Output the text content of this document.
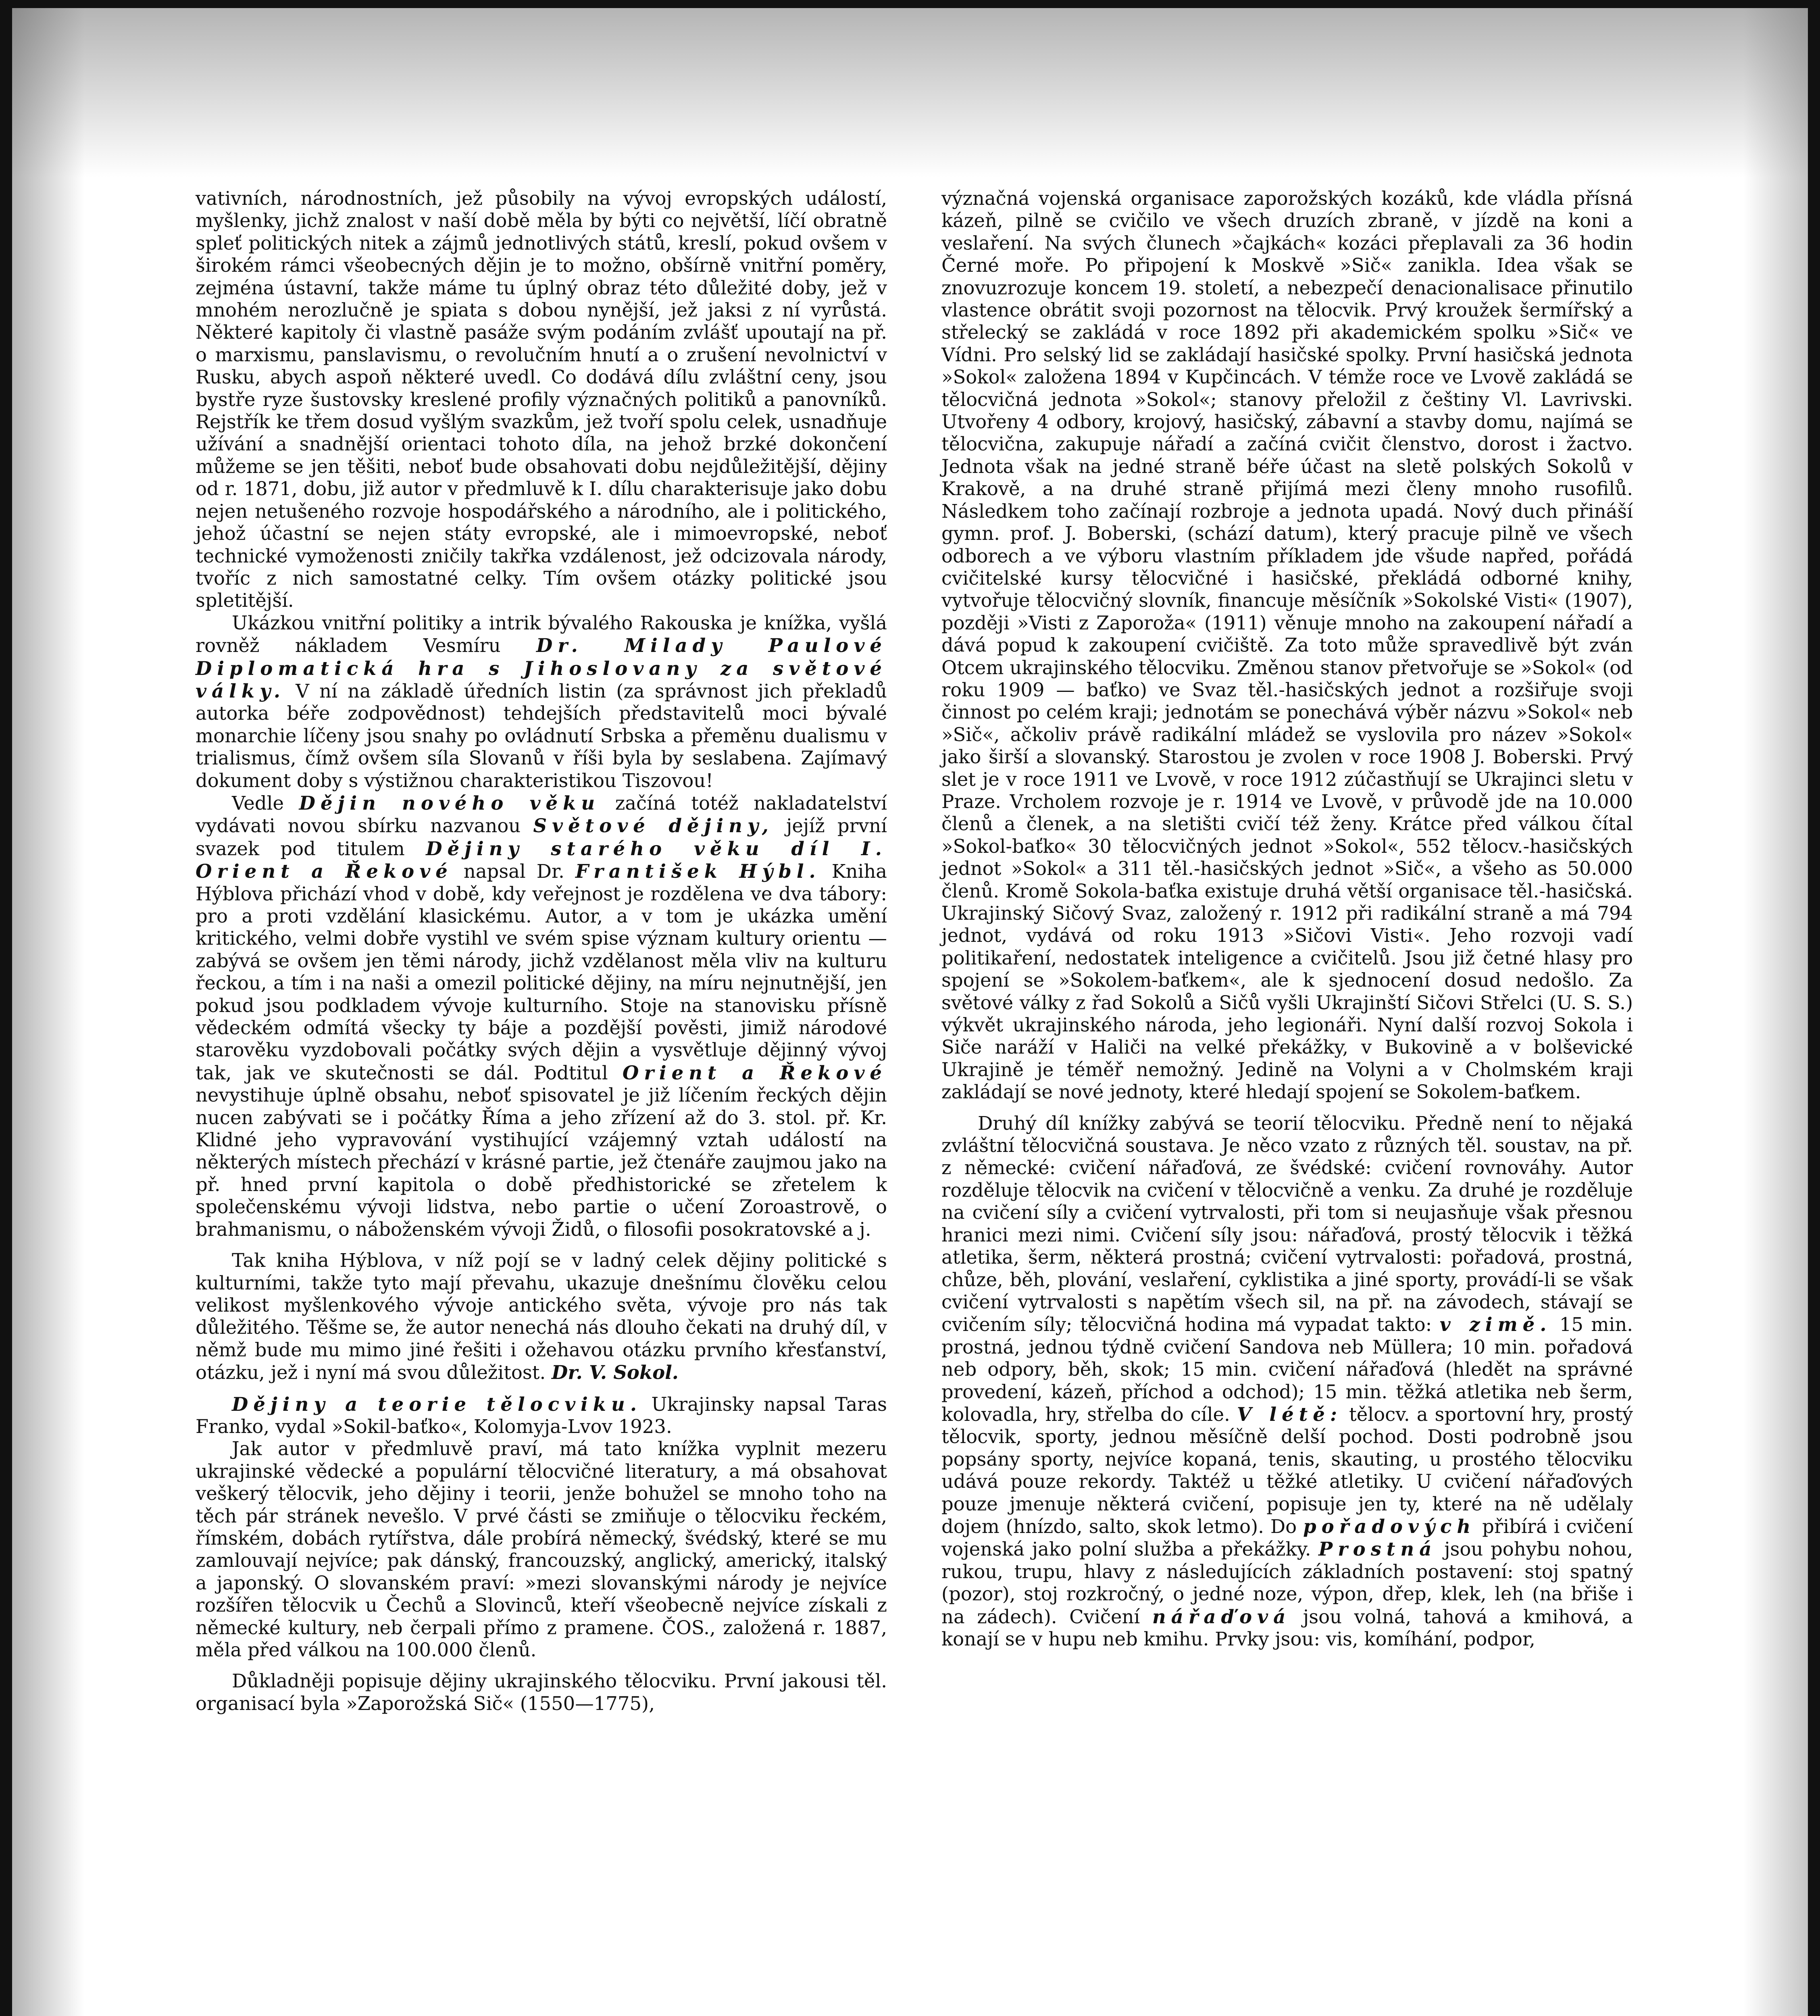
vativních, národnostních, jež působily na vývoj evropských událostí, myšlenky, jichž znalost v naší době měla by býti co největší, líčí obratně spleť politických nitek a zájmů jednotlivých států, kreslí, pokud ovšem v širokém rámci všeobecných dějin je to možno, obšírně vnitřní poměry, zejména ústavní, takže máme tu úplný obraz této důležité doby, jež v mnohém nerozlučně je spiata s dobou nynější, jež jaksi z ní vyrůstá. Některé kapitoly či vlastně pasáže svým podáním zvlášť upoutají na př. o marxismu, panslavismu, o revolučním hnutí a o zrušení nevolnictví v Rusku, abych aspoň některé uvedl. Co dodává dílu zvláštní ceny, jsou bystře ryze šustovsky kreslené profily význačných politiků a panovníků. Rejstřík ke třem dosud vyšlým svazkům, jež tvoří spolu celek, usnadňuje užívání a snadnější orientaci tohoto díla, na jehož brzké dokončení můžeme se jen těšiti, neboť bude obsahovati dobu nejdůležitější, dějiny od r. 1871, dobu, již autor v předmluvě k I. dílu charakterisuje jako dobu nejen netušeného rozvoje hospodářského a národního, ale i politického, jehož účastní se nejen státy evropské, ale i mimoevropské, neboť technické vymoženosti zničily takřka vzdálenost, jež odcizovala národy, tvoříc z nich samostatné celky. Tím ovšem otázky politické jsou spletitější.

Ukázkou vnitřní politiky a intrik bývalého Rakouska je knížka, vyšlá rovněž nákladem Vesmíru Dr. Milady Paulové Diplomatická hra s Jihoslovany za světové války. V ní na základě úředních listin (za správnost jich překladů autorka béře zodpovědnost) tehdejších představitelů moci bývalé monarchie líčeny jsou snahy po ovládnutí Srbska a přeměnu dualismu v trialismus, čímž ovšem síla Slovanů v říši byla by seslabena. Zajímavý dokument doby s výstižnou charakteristikou Tiszovou!

Vedle Dějin nového věku začíná totéž nakladatelství vydávati novou sbírku nazvanou Světové dějiny, jejíž první svazek pod titulem Dějiny starého věku díl I. Orient a Řekové napsal Dr. František Hýbl. Kniha Hýblova přichází vhod v době, kdy veřejnost je rozdělena ve dva tábory: pro a proti vzdělání klasickému. Autor, a v tom je ukázka umění kritického, velmi dobře vystihl ve svém spise význam kultury orientu — zabývá se ovšem jen těmi národy, jichž vzdělanost měla vliv na kulturu řeckou, a tím i na naši a omezil politické dějiny, na míru nejnutnější, jen pokud jsou podkladem vývoje kulturního. Stoje na stanovisku přísně vědeckém odmítá všecky ty báje a pozdější pověsti, jimiž národové starověku vyzdobovali počátky svých dějin a vysvětluje dějinný vývoj tak, jak ve skutečnosti se dál. Podtitul Orient a Řekové nevystihuje úplně obsahu, neboť spisovatel je již líčením řeckých dějin nucen zabývati se i počátky Říma a jeho zřízení až do 3. stol. př. Kr. Klidné jeho vypravování vystihující vzájemný vztah událostí na některých místech přechází v krásné partie, jež čtenáře zaujmou jako na př. hned první kapitola o době předhistorické se zřetelem k společenskému vývoji lidstva, nebo partie o učení Zoroastrově, o brahmanismu, o náboženském vývoji Židů, o filosofii posokratovské a j.

Tak kniha Hýblova, v níž pojí se v ladný celek dějiny politické s kulturními, takže tyto mají převahu, ukazuje dnešnímu člověku celou velikost myšlenkového vývoje antického světa, vývoje pro nás tak důležitého. Těšme se, že autor nenechá nás dlouho čekati na druhý díl, v němž bude mu mimo jiné řešiti i ožehavou otázku prvního křesťanství, otázku, jež i nyní má svou důležitost. Dr. V. Sokol.

Dějiny a teorie tělocviku. Ukrajinsky napsal Taras Franko, vydal »Sokil-baťko«, Kolomyja-Lvov 1923.

Jak autor v předmluvě praví, má tato knížka vyplnit mezeru ukrajinské vědecké a populární tělocvičné literatury, a má obsahovat veškerý tělocvik, jeho dějiny i teorii, jenže bohužel se mnoho toho na těch pár stránek nevešlo. V prvé části se zmiňuje o tělocviku řeckém, římském, dobách rytířstva, dále probírá německý, švédský, které se mu zamlouvají nejvíce; pak dánský, francouzský, anglický, americký, italský a japonský. O slovanském praví: »mezi slovanskými národy je nejvíce rozšířen tělocvik u Čechů a Slovinců, kteří všeobecně nejvíce získali z německé kultury, neb čerpali přímo z pramene. ČOS., založená r. 1887, měla před válkou na 100.000 členů.

Důkladněji popisuje dějiny ukrajinského tělocviku. První jakousi těl. organisací byla »Zaporožská Sič« (1550—1775),

význačná vojenská organisace zaporožských kozáků, kde vládla přísná kázeň, pilně se cvičilo ve všech druzích zbraně, v jízdě na koni a veslaření. Na svých člunech »čajkách« kozáci přeplavali za 36 hodin Černé moře. Po připojení k Moskvě »Sič« zanikla. Idea však se znovuzrozuje koncem 19. století, a nebezpečí denacionalisace přinutilo vlastence obrátit svoji pozornost na tělocvik. Prvý kroužek šermířský a střelecký se zakládá v roce 1892 při akademickém spolku »Sič« ve Vídni. Pro selský lid se zakládají hasičské spolky. První hasičská jednota »Sokol« založena 1894 v Kupčincách. V témže roce ve Lvově zakládá se tělocvičná jednota »Sokol«; stanovy přeložil z češtiny Vl. Lavrivski. Utvořeny 4 odbory, krojový, hasičský, zábavní a stavby domu, najímá se tělocvična, zakupuje nářadí a začíná cvičit členstvo, dorost i žactvo. Jednota však na jedné straně béře účast na sletě polských Sokolů v Krakově, a na druhé straně přijímá mezi členy mnoho rusofilů. Následkem toho začínají rozbroje a jednota upadá. Nový duch přináší gymn. prof. J. Boberski, (schází datum), který pracuje pilně ve všech odborech a ve výboru vlastním příkladem jde všude napřed, pořádá cvičitelské kursy tělocvičné i hasičské, překládá odborné knihy, vytvořuje tělocvičný slovník, financuje měsíčník »Sokolské Visti« (1907), později »Visti z Zaporoža« (1911) věnuje mnoho na zakoupení nářadí a dává popud k zakoupení cvičiště. Za toto může spravedlivě být zván Otcem ukrajinského tělocviku. Změnou stanov přetvořuje se »Sokol« (od roku 1909 — baťko) ve Svaz těl.-hasičských jednot a rozšiřuje svoji činnost po celém kraji; jednotám se ponechává výběr názvu »Sokol« neb »Sič«, ačkoliv právě radikální mládež se vyslovila pro název »Sokol« jako širší a slovanský. Starostou je zvolen v roce 1908 J. Boberski. Prvý slet je v roce 1911 ve Lvově, v roce 1912 zúčastňují se Ukrajinci sletu v Praze. Vrcholem rozvoje je r. 1914 ve Lvově, v průvodě jde na 10.000 členů a členek, a na sletišti cvičí též ženy. Krátce před válkou čítal »Sokol-baťko« 30 tělocvičných jednot »Sokol«, 552 tělocv.-hasičských jednot »Sokol« a 311 těl.-hasičských jednot »Sič«, a všeho as 50.000 členů. Kromě Sokola-baťka existuje druhá větší organisace těl.-hasičská. Ukrajinský Sičový Svaz, založený r. 1912 při radikální straně a má 794 jednot, vydává od roku 1913 »Sičovi Visti«. Jeho rozvoji vadí politikaření, nedostatek inteligence a cvičitelů. Jsou již četné hlasy pro spojení se »Sokolem-baťkem«, ale k sjednocení dosud nedošlo. Za světové války z řad Sokolů a Sičů vyšli Ukrajinští Sičovi Střelci (U. S. S.) výkvět ukrajinského národa, jeho legionáři. Nyní další rozvoj Sokola i Siče naráží v Haliči na velké překážky, v Bukovině a v bolševické Ukrajině je téměř nemožný. Jedině na Volyni a v Cholmském kraji zakládají se nové jednoty, které hledají spojení se Sokolem-baťkem.

Druhý díl knížky zabývá se teorií tělocviku. Předně není to nějaká zvláštní tělocvičná soustava. Je něco vzato z různých těl. soustav, na př. z německé: cvičení nářaďová, ze švédské: cvičení rovnováhy. Autor rozděluje tělocvik na cvičení v tělocvičně a venku. Za druhé je rozděluje na cvičení síly a cvičení vytrvalosti, při tom si neujasňuje však přesnou hranici mezi nimi. Cvičení síly jsou: nářaďová, prostý tělocvik i těžká atletika, šerm, některá prostná; cvičení vytrvalosti: pořadová, prostná, chůze, běh, plování, veslaření, cyklistika a jiné sporty, provádí-li se však cvičení vytrvalosti s napětím všech sil, na př. na závodech, stávají se cvičením síly; tělocvičná hodina má vypadat takto: v zimě. 15 min. prostná, jednou týdně cvičení Sandova neb Müllera; 10 min. pořadová neb odpory, běh, skok; 15 min. cvičení nářaďová (hledět na správné provedení, kázeň, příchod a odchod); 15 min. těžká atletika neb šerm, kolovadla, hry, střelba do cíle. V létě: tělocv. a sportovní hry, prostý tělocvik, sporty, jednou měsíčně delší pochod. Dosti podrobně jsou popsány sporty, nejvíce kopaná, tenis, skauting, u prostého tělocviku udává pouze rekordy. Taktéž u těžké atletiky. U cvičení nářaďových pouze jmenuje některá cvičení, popisuje jen ty, které na ně udělaly dojem (hnízdo, salto, skok letmo). Do pořadových přibírá i cvičení vojenská jako polní služba a překážky. Prostná jsou pohybu nohou, rukou, trupu, hlavy z následujících základních postavení: stoj spatný (pozor), stoj rozkročný, o jedné noze, výpon, dřep, klek, leh (na břiše i na zádech). Cvičení nářaďová jsou volná, tahová a kmihová, a konají se v hupu neb kmihu. Prvky jsou: vis, komíhání, podpor,
